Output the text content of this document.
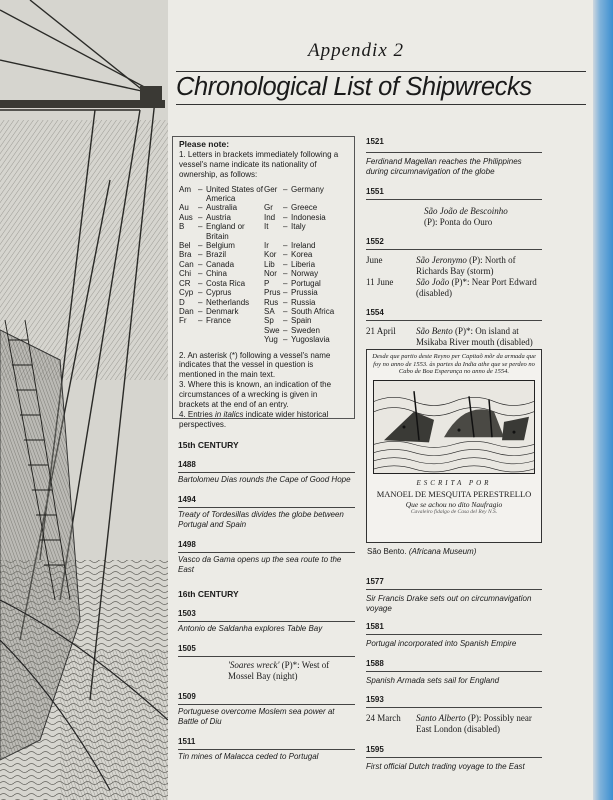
Appendix 2
Chronological List of Shipwrecks
Please note:

1. Letters in brackets immediately following a vessel's name indicate its nationality of ownership, as follows:

Am	–	United States of America	Ger	–	Germany
Au	–	Australia	Gr	–	Greece
Aus	–	Austria	Ind	–	Indonesia
B	–	England or Britain	It	–	Italy
Bel	–	Belgium	Ir	–	Ireland
Bra	–	Brazil	Kor	–	Korea
Can	–	Canada	Lib	–	Liberia
Chi	–	China	Nor	–	Norway
CR	–	Costa Rica	P	–	Portugal
Cyp	–	Cyprus	Prus	–	Prussia
D	–	Netherlands	Rus	–	Russia
Dan	–	Denmark	SA	–	South Africa
Fr	–	France	Sp	–	Spain
			Swe	–	Sweden
			Yug	–	Yugoslavia

2. An asterisk (*) following a vessel's name indicates that the vessel in question is mentioned in the main text.

3. Where this is known, an indication of the circumstances of a wrecking is given in brackets at the end of an entry.

4. Entries in italics indicate wider historical perspectives.

15th CENTURY
1488
Bartolomeu Dias rounds the Cape of Good Hope
1494
Treaty of Tordesillas divides the globe between Portugal and Spain
1498
Vasco da Gama opens up the sea route to the East
16th CENTURY
1503
Antonio de Saldanha explores Table Bay
1505
'Soares wreck' (P)*: West of Mossel Bay (night)
1509
Portuguese overcome Moslem sea power at Battle of Diu
1511
Tin mines of Malacca ceded to Portugal
1521
Ferdinand Magellan reaches the Philippines during circumnavigation of the globe
1551
São João de Bescoinho
(P): Ponta do Ouro
1552
June	São Jeronymo (P): North of Richards Bay (storm)
11 June	São João (P)*: Near Port Edward (disabled)
1554
21 April	São Bento (P)*: On island at Msikaba River mouth (disabled)
Desde que partio deste Reyno per Capitaõ mõr da armada que foy no anno de 1553. às partes da India athe que se perdeo no Cabo de Boa Esperança no anno de 1554.
ESCRITA POR
MANOEL DE MESQUITA PERESTRELLO
Que se achou no dito Naufragio
Cavaleiro fidalgo de Casa del Rey N.S.
São Bento. (Africana Museum)
1577
Sir Francis Drake sets out on circumnavigation voyage
1581
Portugal incorporated into Spanish Empire
1588
Spanish Armada sets sail for England
1593
24 March	Santo Alberto (P): Possibly near East London (disabled)
1595
First official Dutch trading voyage to the East
